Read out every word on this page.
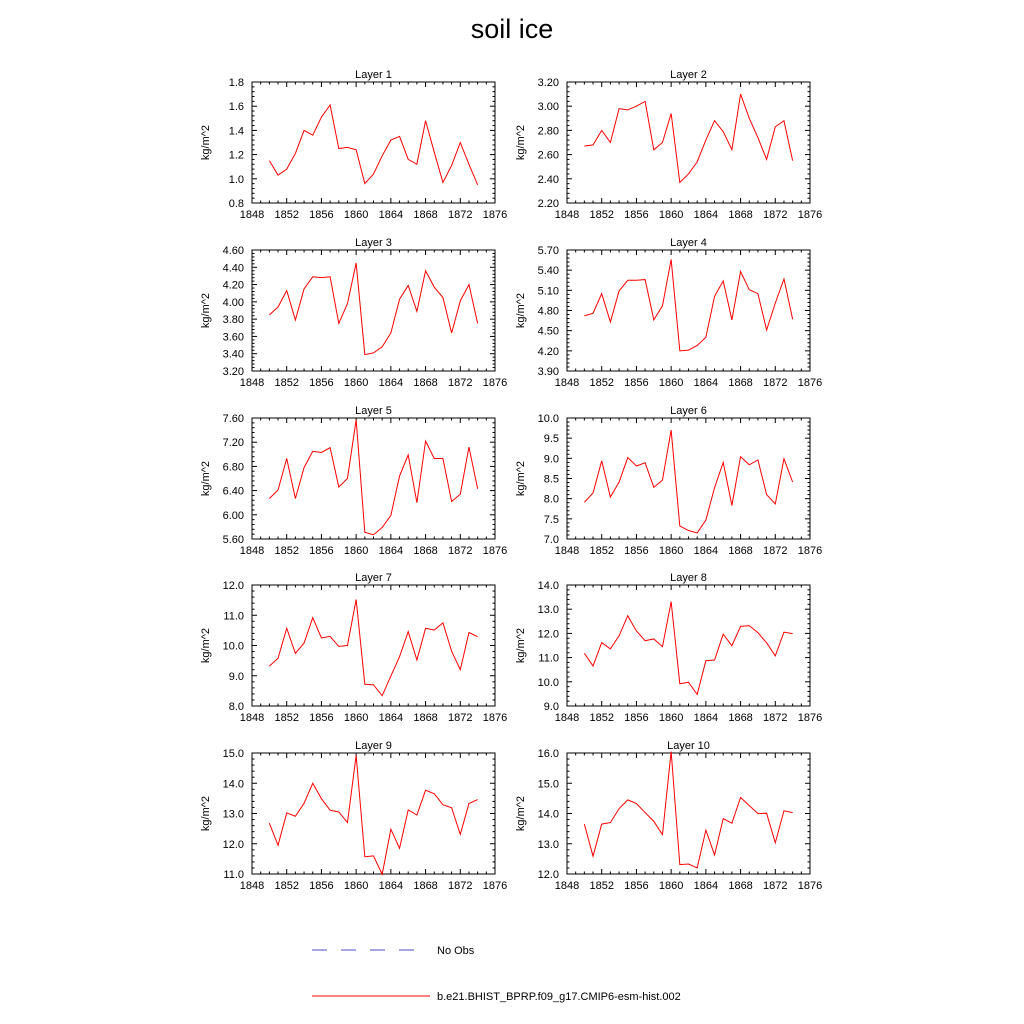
soil ice
Layer 1
kg/m^2
1848 1852 1856 1860 1864 1868 1872 1876
0.8
1.0
1.2
1.4
1.6
1.8
Layer 2
kg/m^2
1848 1852 1856 1860 1864 1868 1872 1876
2.20
2.40
2.60
2.80
3.00
3.20
Layer 3
kg/m^2
1848 1852 1856 1860 1864 1868 1872 1876
3.20
3.40
3.60
3.80
4.00
4.20
4.40
4.60
Layer 4
kg/m^2
1848 1852 1856 1860 1864 1868 1872 1876
3.90
4.20
4.50
4.80
5.10
5.40
5.70
Layer 5
kg/m^2
1848 1852 1856 1860 1864 1868 1872 1876
5.60
6.00
6.40
6.80
7.20
7.60
Layer 6
kg/m^2
1848 1852 1856 1860 1864 1868 1872 1876
7.0
7.5
8.0
8.5
9.0
9.5
10.0
Layer 7
kg/m^2
1848 1852 1856 1860 1864 1868 1872 1876
8.0
9.0
10.0
11.0
12.0
Layer 8
kg/m^2
1848 1852 1856 1860 1864 1868 1872 1876
9.0
10.0
11.0
12.0
13.0
14.0
Layer 9
kg/m^2
1848 1852 1856 1860 1864 1868 1872 1876
11.0
12.0
13.0
14.0
15.0
Layer 10
kg/m^2
1848 1852 1856 1860 1864 1868 1872 1876
12.0
13.0
14.0
15.0
16.0
No Obs
b.e21.BHIST_BPRP.f09_g17.CMIP6-esm-hist.002
